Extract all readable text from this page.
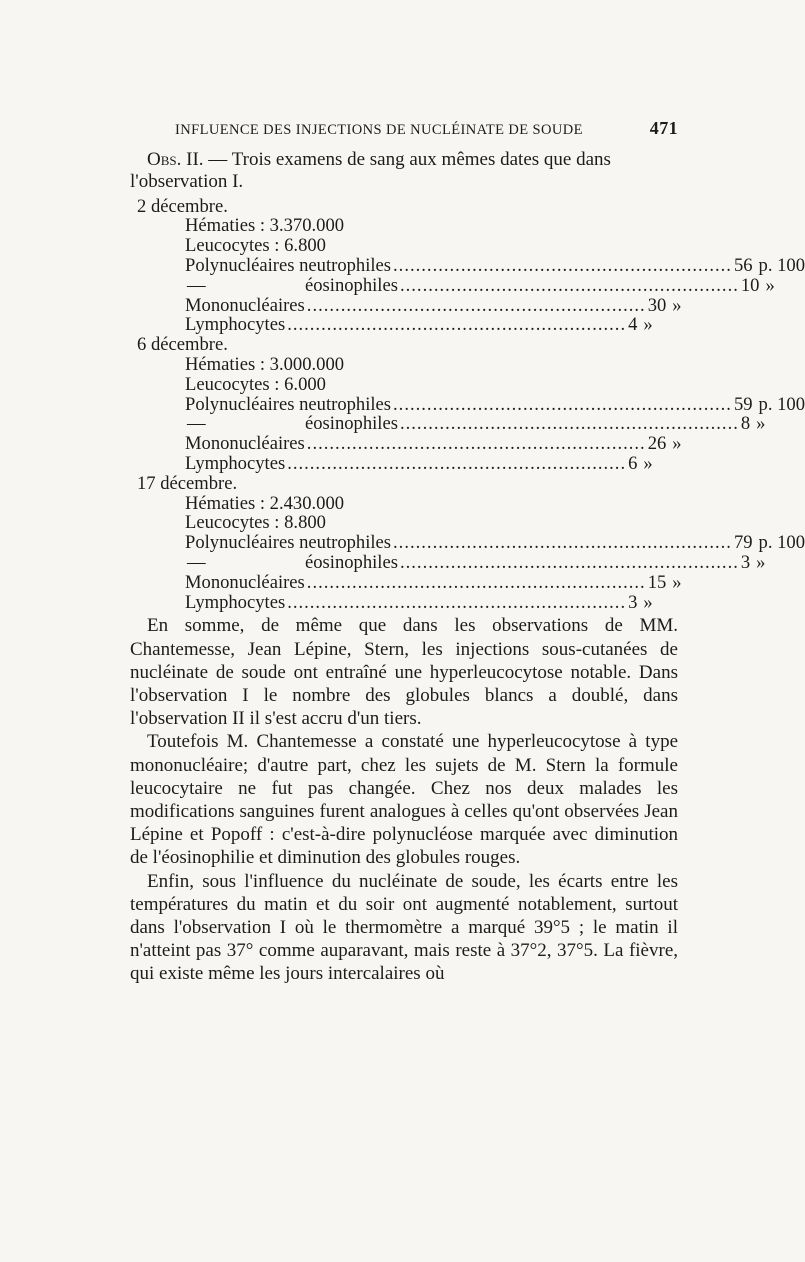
INFLUENCE DES INJECTIONS DE NUCLÉINATE DE SOUDE	471
Obs. II. — Trois examens de sang aux mêmes dates que dans l'observation I.
2 décembre.
Hématies : 3.370.000
Leucocytes : 6.800
Polynucléaires neutrophiles ............................................................ 56 p. 100
—	éosinophiles ............................................................ 10 »
Mononucléaires ............................................................ 30 »
Lymphocytes ............................................................ 4 »
6 décembre.
Hématies : 3.000.000
Leucocytes : 6.000
Polynucléaires neutrophiles ............................................................ 59 p. 100
—	éosinophiles ............................................................ 8 »
Mononucléaires ............................................................ 26 »
Lymphocytes ............................................................ 6 »
17 décembre.
Hématies : 2.430.000
Leucocytes : 8.800
Polynucléaires neutrophiles ............................................................ 79 p. 100
—	éosinophiles ............................................................ 3 »
Mononucléaires ............................................................ 15 »
Lymphocytes ............................................................ 3 »

En somme, de même que dans les observations de MM. Chantemesse, Jean Lépine, Stern, les injections sous-cutanées de nucléinate de soude ont entraîné une hyperleucocytose notable. Dans l'observation I le nombre des globules blancs a doublé, dans l'observation II il s'est accru d'un tiers.

Toutefois M. Chantemesse a constaté une hyperleucocytose à type mononucléaire; d'autre part, chez les sujets de M. Stern la formule leucocytaire ne fut pas changée. Chez nos deux malades les modifications sanguines furent analogues à celles qu'ont observées Jean Lépine et Popoff : c'est-à-dire polynucléose marquée avec diminution de l'éosinophilie et diminution des globules rouges.

Enfin, sous l'influence du nucléinate de soude, les écarts entre les températures du matin et du soir ont augmenté notablement, surtout dans l'observation I où le thermomètre a marqué 39°5 ; le matin il n'atteint pas 37° comme auparavant, mais reste à 37°2, 37°5. La fièvre, qui existe même les jours intercalaires où
